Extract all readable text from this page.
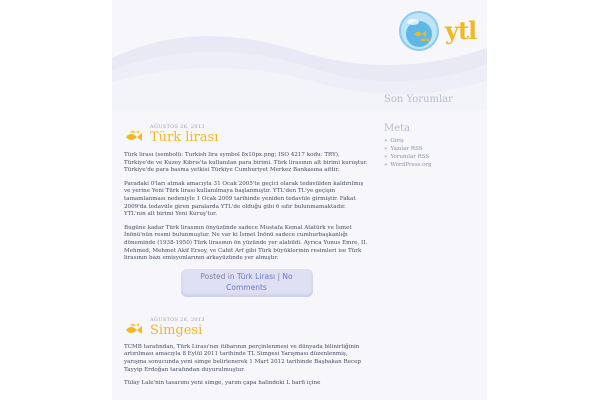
ytl
Son Yorumlar
Meta
» Giriş
» Yazılar RSS
» Yorumlar RSS
» WordPress.org
AĞUSTOS 26, 2013
Türk lirası

Türk lirası (sembolü: Turkish lira symbol 8x10px.png; ISO 4217 kodu: TRY), Türkiye'de ve Kuzey Kıbrıs'ta kullanılan para birimi. Türk lirasının alt birimi kuruştur. Türkiye'de para basma yetkisi Türkiye Cumhuriyet Merkez Bankasına aittir.

Paradaki 0'ları atmak amacıyla 31 Ocak 2005'te geçici olarak tedavülden kaldırılmış ve yerine Yeni Türk lirası kullanılmaya başlanmıştır. YTL'den TL'ye geçişin tamamlanması nedeniyle 1 Ocak 2009 tarihinde yeniden tedavüle girmiştir. Fakat 2009'da tedavüle giren paralarda YTL'de olduğu gibi 6 sıfır bulunmamaktadır. YTL'nin alt birimi Yeni Kuruş'tur.

Bugüne kadar Türk lirasının önyüzünde sadece Mustafa Kemal Atatürk ve İsmet İnönü'nün resmi bulunmuştur. Ne var ki İsmet İnönü sadece cumhurbaşkanlığı döneminde (1938-1950) Türk lirasının ön yüzünde yer alabildi. Ayrıca Yunus Emre, II. Mehmed, Mehmet Akif Ersoy, ve Cahit Arf gibi Türk büyüklerinin resimleri ise Türk lirasının bazı emisyonlarının arkayüzünde yer almıştır.

Posted in Türk Lirası | No Comments
AĞUSTOS 26, 2013
Simgesi

TCMB tarafından, Türk Lirası'nın itibarının perçinlenmesi ve dünyada bilinirliğinin artırılması amacıyla 8 Eylül 2011 tarihinde TL Simgesi Yarışması düzenlenmiş, yarışma sonucunda yeni simge belirlenerek 1 Mart 2012 tarihinde Başbakan Recep Tayyip Erdoğan tarafından duyurulmuştur.

Tülay Lale'nin tasarımı yeni simge, yarım çapa halindeki L harfi içine
